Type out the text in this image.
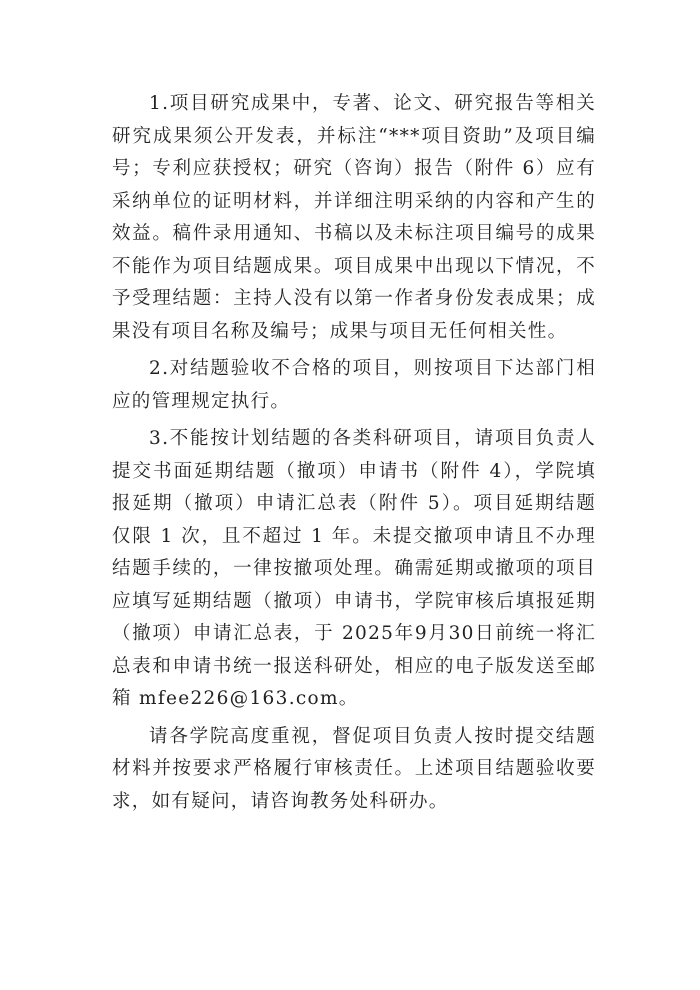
1.项目研究成果中，专著、论文、研究报告等相关研究成果须公开发表，并标注“***项目资助”及项目编号；专利应获授权；研究（咨询）报告（附件 6）应有采纳单位的证明材料，并详细注明采纳的内容和产生的效益。稿件录用通知、书稿以及未标注项目编号的成果不能作为项目结题成果。项目成果中出现以下情况，不予受理结题：主持人没有以第一作者身份发表成果；成果没有项目名称及编号；成果与项目无任何相关性。

2.对结题验收不合格的项目，则按项目下达部门相应的管理规定执行。

3.不能按计划结题的各类科研项目，请项目负责人提交书面延期结题（撤项）申请书（附件 4），学院填报延期（撤项）申请汇总表（附件 5）。项目延期结题仅限 1 次，且不超过 1 年。未提交撤项申请且不办理结题手续的，一律按撤项处理。确需延期或撤项的项目应填写延期结题（撤项）申请书，学院审核后填报延期（撤项）申请汇总表，于 2025年9月30日前统一将汇总表和申请书统一报送科研处，相应的电子版发送至邮箱 mfee226@163.com。

请各学院高度重视，督促项目负责人按时提交结题材料并按要求严格履行审核责任。上述项目结题验收要求，如有疑问，请咨询教务处科研办。
